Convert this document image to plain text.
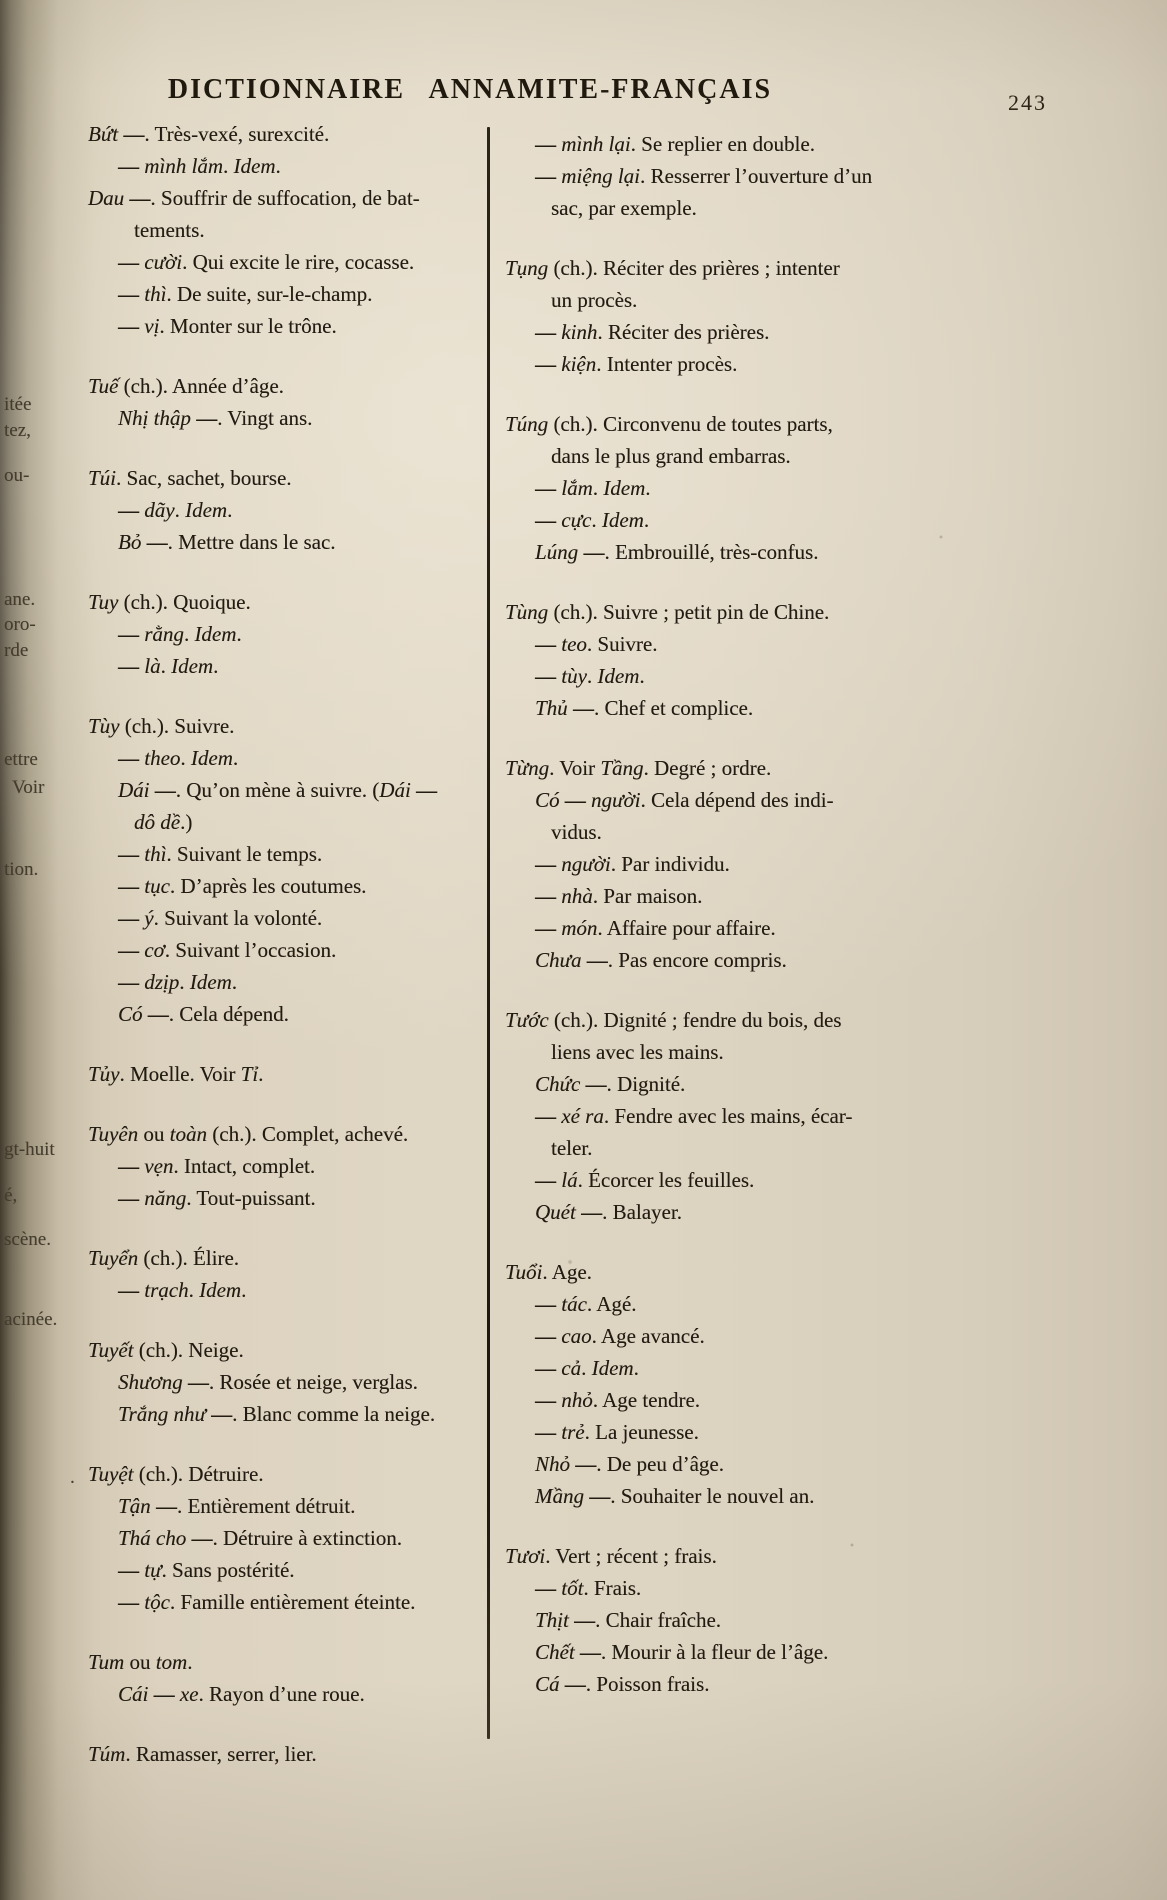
DICTIONNAIRE ANNAMITE-FRANÇAIS	243
Bứt —. Très-vexé, surexcité.
— mình lắm. Idem.
Dau —. Souffrir de suffocation, de bat-
tements.
— cười. Qui excite le rire, cocasse.
— thì. De suite, sur-le-champ.
— vị. Monter sur le trône.
Tuế (ch.). Année d’âge.
Nhị thập —. Vingt ans.
Túi. Sac, sachet, bourse.
— dãy. Idem.
Bỏ —. Mettre dans le sac.
Tuy (ch.). Quoique.
— rằng. Idem.
— là. Idem.
Tùy (ch.). Suivre.
— theo. Idem.
Dái —. Qu’on mène à suivre. (Dái —
dô dề.)
— thì. Suivant le temps.
— tục. D’après les coutumes.
— ý. Suivant la volonté.
— cơ. Suivant l’occasion.
— dzịp. Idem.
Có —. Cela dépend.
Tủy. Moelle. Voir Tỉ.
Tuyên ou toàn (ch.). Complet, achevé.
— vẹn. Intact, complet.
— năng. Tout-puissant.
Tuyển (ch.). Élire.
— trạch. Idem.
Tuyết (ch.). Neige.
Shương —. Rosée et neige, verglas.
Trắng như —. Blanc comme la neige.
Tuyệt (ch.). Détruire.
Tận —. Entièrement détruit.
Thá cho —. Détruire à extinction.
— tự. Sans postérité.
— tộc. Famille entièrement éteinte.
Tum ou tom.
Cái — xe. Rayon d’une roue.
Túm. Ramasser, serrer, lier.
— mình lại. Se replier en double.
— miệng lại. Resserrer l’ouverture d’un
sac, par exemple.
Tụng (ch.). Réciter des prières ; intenter
un procès.
— kinh. Réciter des prières.
— kiện. Intenter procès.
Túng (ch.). Circonvenu de toutes parts,
dans le plus grand embarras.
— lắm. Idem.
— cực. Idem.
Lúng —. Embrouillé, très-confus.
Tùng (ch.). Suivre ; petit pin de Chine.
— teo. Suivre.
— tùy. Idem.
Thủ —. Chef et complice.
Từng. Voir Tầng. Degré ; ordre.
Có — người. Cela dépend des indi-
vidus.
— người. Par individu.
— nhà. Par maison.
— món. Affaire pour affaire.
Chưa —. Pas encore compris.
Tước (ch.). Dignité ; fendre du bois, des
liens avec les mains.
Chức —. Dignité.
— xé ra. Fendre avec les mains, écar-
teler.
— lá. Écorcer les feuilles.
Quét —. Balayer.
Tuổi. Age.
— tác. Agé.
— cao. Age avancé.
— cả. Idem.
— nhỏ. Age tendre.
— trẻ. La jeunesse.
Nhỏ —. De peu d’âge.
Mầng —. Souhaiter le nouvel an.
Tươi. Vert ; récent ; frais.
— tốt. Frais.
Thịt —. Chair fraîche.
Chết —. Mourir à la fleur de l’âge.
Cá —. Poisson frais.
itée
tez,
ou-
ane.
oro-
rde
ettre
Voir
tion.
gt-huit
é,
scène.
acinée.
.
